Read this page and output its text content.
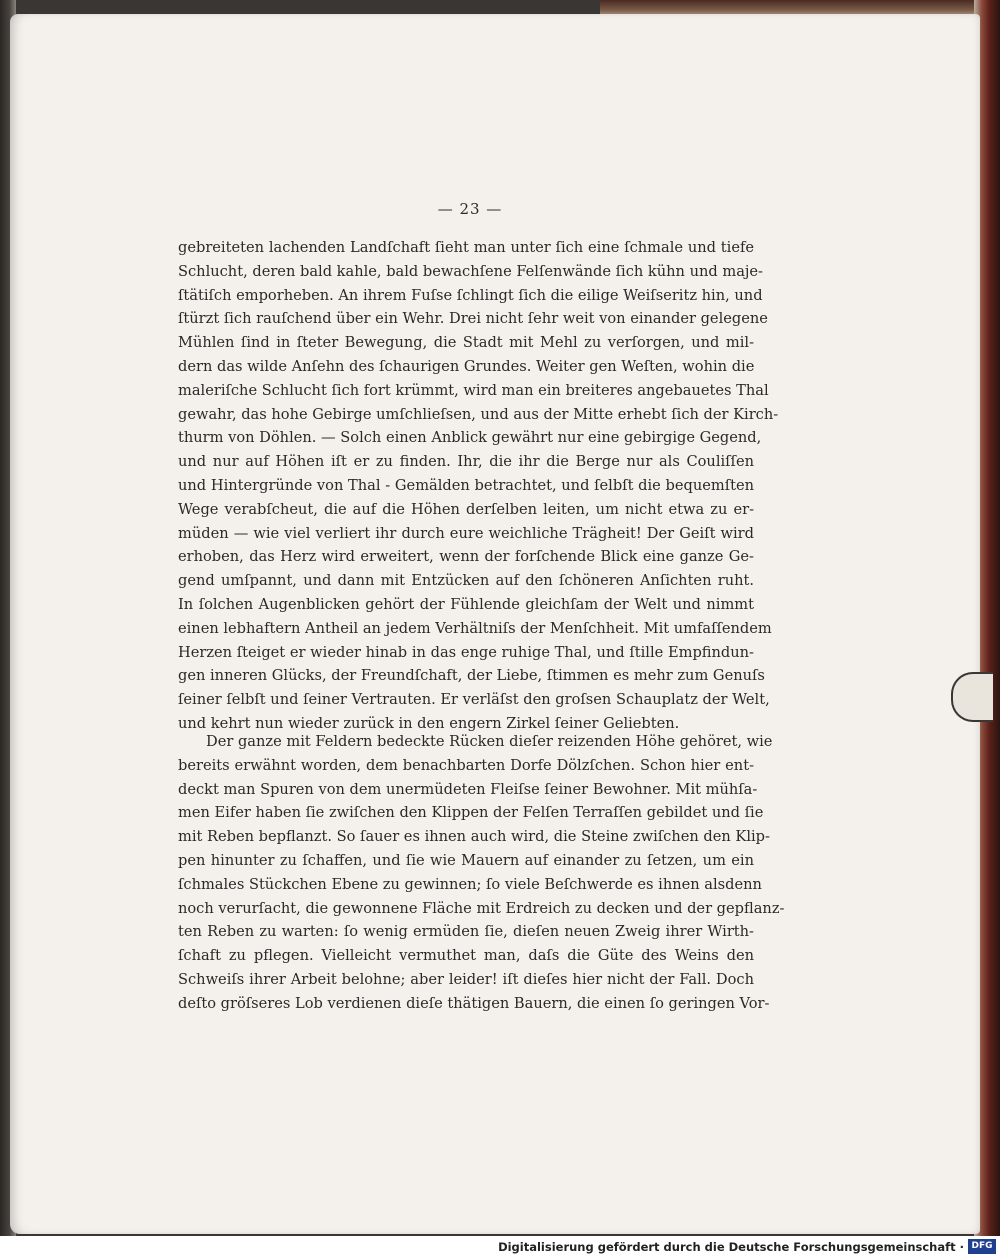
— 23 —
gebreiteten lachenden Landſchaft ſieht man unter ſich eine ſchmale und tiefe
Schlucht, deren bald kahle, bald bewachſene Felſenwände ſich kühn und maje-
ſtätiſch emporheben. An ihrem Fuſse ſchlingt ſich die eilige Weiſseritz hin, und
ſtürzt ſich rauſchend über ein Wehr. Drei nicht ſehr weit von einander gelegene
Mühlen ſind in ſteter Bewegung, die Stadt mit Mehl zu verſorgen, und mil-
dern das wilde Anſehn des ſchaurigen Grundes. Weiter gen Weſten, wohin die
maleriſche Schlucht ſich fort krümmt, wird man ein breiteres angebauetes Thal
gewahr, das hohe Gebirge umſchlieſsen, und aus der Mitte erhebt ſich der Kirch-
thurm von Döhlen. — Solch einen Anblick gewährt nur eine gebirgige Gegend,
und nur auf Höhen iſt er zu finden. Ihr, die ihr die Berge nur als Couliſſen
und Hintergründe von Thal - Gemälden betrachtet, und ſelbſt die bequemſten
Wege verabſcheut, die auf die Höhen derſelben leiten, um nicht etwa zu er-
müden — wie viel verliert ihr durch eure weichliche Trägheit! Der Geiſt wird
erhoben, das Herz wird erweitert, wenn der forſchende Blick eine ganze Ge-
gend umſpannt, und dann mit Entzücken auf den ſchöneren Anſichten ruht.
In ſolchen Augenblicken gehört der Fühlende gleichſam der Welt und nimmt
einen lebhaftern Antheil an jedem Verhältniſs der Menſchheit. Mit umfaſſendem
Herzen ſteiget er wieder hinab in das enge ruhige Thal, und ſtille Empfindun-
gen inneren Glücks, der Freundſchaft, der Liebe, ſtimmen es mehr zum Genuſs
ſeiner ſelbſt und ſeiner Vertrauten. Er verläſst den groſsen Schauplatz der Welt,
und kehrt nun wieder zurück in den engern Zirkel ſeiner Geliebten.
Der ganze mit Feldern bedeckte Rücken dieſer reizenden Höhe gehöret, wie
bereits erwähnt worden, dem benachbarten Dorfe Dölzſchen. Schon hier ent-
deckt man Spuren von dem unermüdeten Fleiſse ſeiner Bewohner. Mit mühſa-
men Eifer haben ſie zwiſchen den Klippen der Felſen Terraſſen gebildet und ſie
mit Reben bepflanzt. So ſauer es ihnen auch wird, die Steine zwiſchen den Klip-
pen hinunter zu ſchaffen, und ſie wie Mauern auf einander zu ſetzen, um ein
ſchmales Stückchen Ebene zu gewinnen; ſo viele Beſchwerde es ihnen alsdenn
noch verurſacht, die gewonnene Fläche mit Erdreich zu decken und der gepflanz-
ten Reben zu warten: ſo wenig ermüden ſie, dieſen neuen Zweig ihrer Wirth-
ſchaft zu pflegen. Vielleicht vermuthet man, daſs die Güte des Weins den
Schweiſs ihrer Arbeit belohne; aber leider! iſt dieſes hier nicht der Fall. Doch
deſto gröſseres Lob verdienen dieſe thätigen Bauern, die einen ſo geringen Vor-
Digitalisierung gefördert durch die Deutsche Forschungsgemeinschaft · DFG
